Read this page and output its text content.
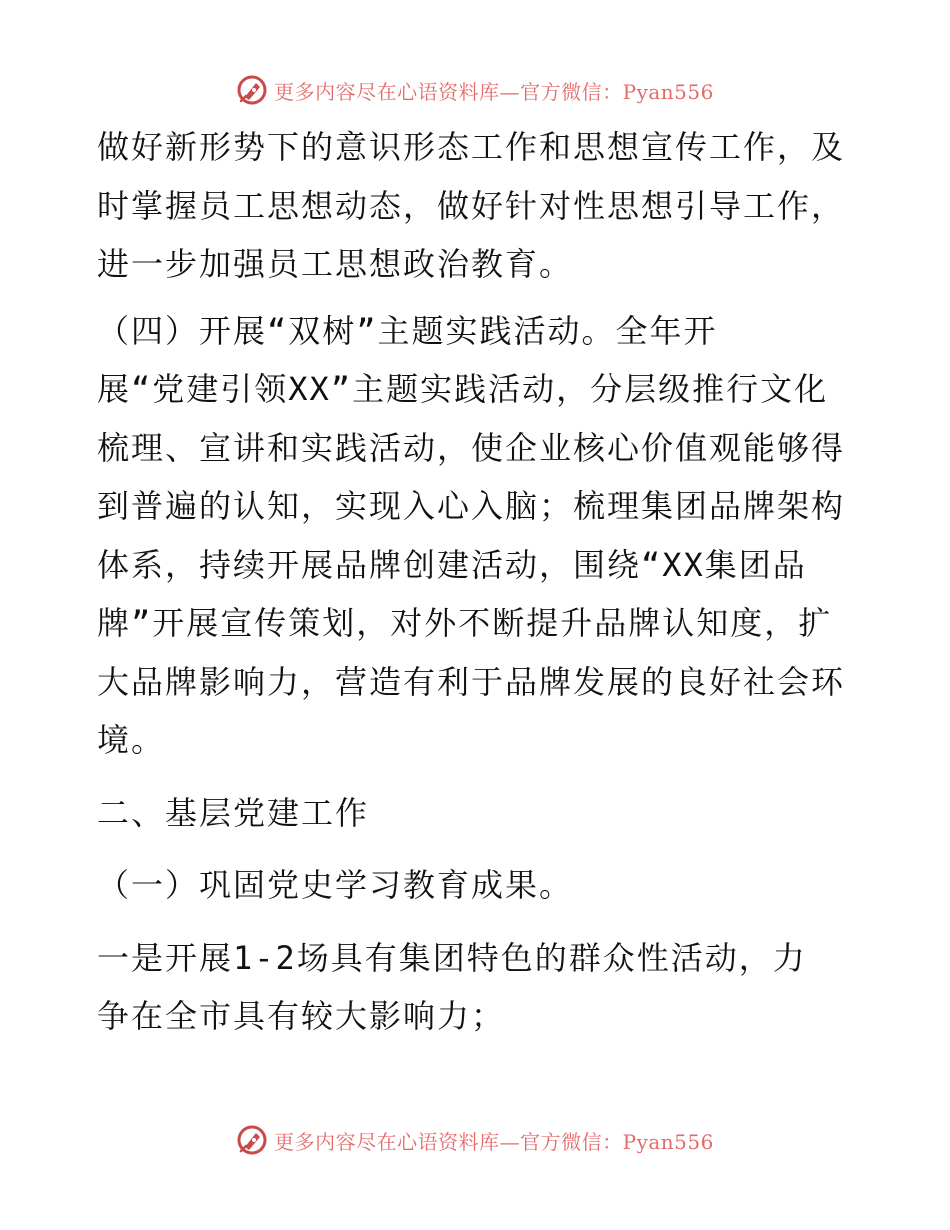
更多内容尽在心语资料库—官方微信：Pyan556
做好新形势下的意识形态工作和思想宣传工作，及
时掌握员工思想动态，做好针对性思想引导工作，
进一步加强员工思想政治教育。
（四）开展“双树”主题实践活动。全年开
展“党建引领XX”主题实践活动，分层级推行文化
梳理、宣讲和实践活动，使企业核心价值观能够得
到普遍的认知，实现入心入脑；梳理集团品牌架构
体系，持续开展品牌创建活动，围绕“XX集团品
牌”开展宣传策划，对外不断提升品牌认知度，扩
大品牌影响力，营造有利于品牌发展的良好社会环
境。
二、基层党建工作
（一）巩固党史学习教育成果。
一是开展1-2场具有集团特色的群众性活动，力
争在全市具有较大影响力；
更多内容尽在心语资料库—官方微信：Pyan556
